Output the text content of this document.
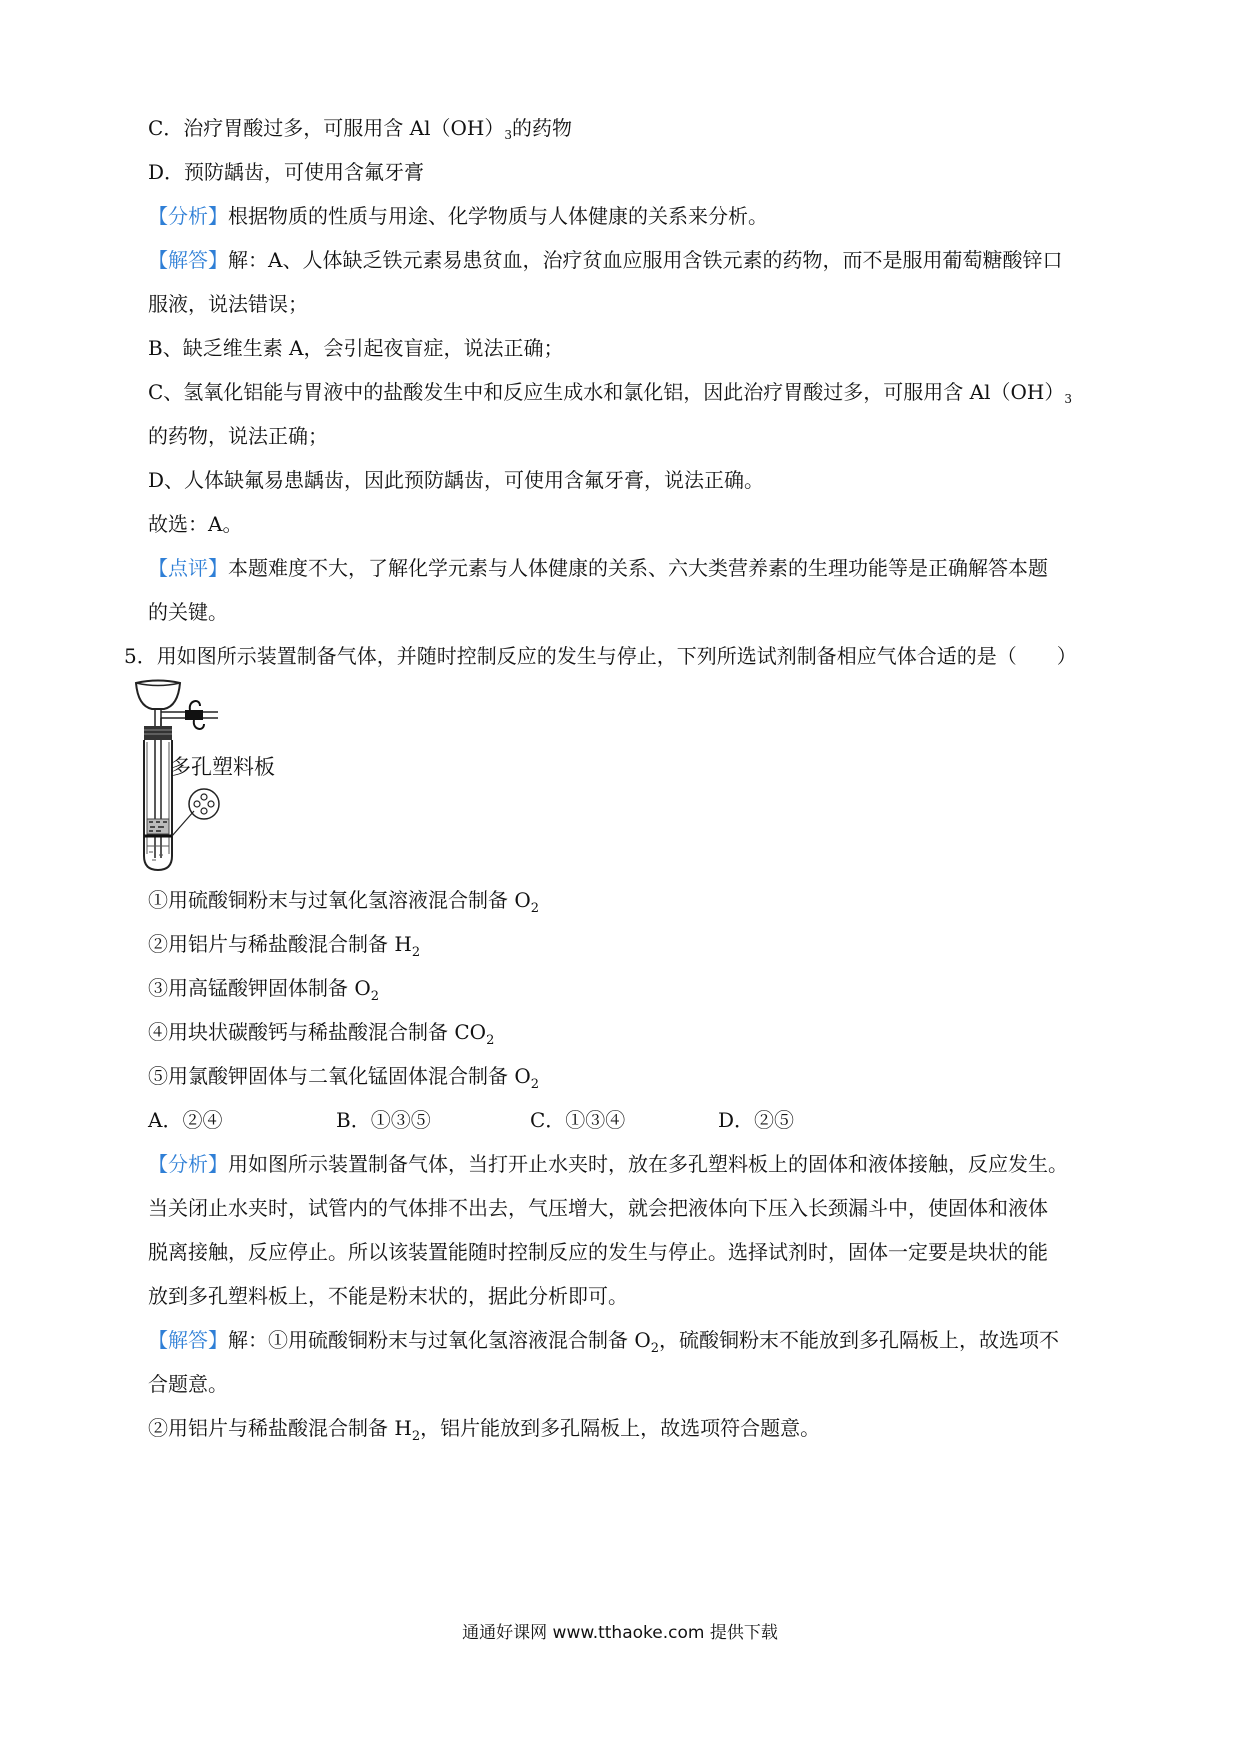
C．治疗胃酸过多，可服用含 $Al(OH)_3$的药物
D．预防龋齿，可使用含氟牙膏
【分析】根据物质的性质与用途、化学物质与人体健康的关系来分析。
【解答】解：A、人体缺乏铁元素易患贫血，治疗贫血应服用含铁元素的药物，而不是服用葡萄糖酸锌口
服液，说法错误；
B、缺乏维生素 A，会引起夜盲症，说法正确；
C、氢氧化铝能与胃液中的盐酸发生中和反应生成水和氯化铝，因此治疗胃酸过多，可服用含 $Al(OH)_3$
的药物，说法正确；
D、人体缺氟易患龋齿，因此预防龋齿，可使用含氟牙膏，说法正确。
故选：A。
【点评】本题难度不大，了解化学元素与人体健康的关系、六大类营养素的生理功能等是正确解答本题
的关键。
5．用如图所示装置制备气体，并随时控制反应的发生与停止，下列所选试剂制备相应气体合适的是（　　）
多孔塑料板
①用硫酸铜粉末与过氧化氢溶液混合制备 $O_2$
②用铝片与稀盐酸混合制备 $H_2$
③用高锰酸钾固体制备 $O_2$
④用块状碳酸钙与稀盐酸混合制备 $CO_2$
⑤用氯酸钾固体与二氧化锰固体混合制备 $O_2$
A．②④	B．①③⑤	C．①③④	D．②⑤
【分析】用如图所示装置制备气体，当打开止水夹时，放在多孔塑料板上的固体和液体接触，反应发生。
当关闭止水夹时，试管内的气体排不出去，气压增大，就会把液体向下压入长颈漏斗中，使固体和液体
脱离接触，反应停止。所以该装置能随时控制反应的发生与停止。选择试剂时，固体一定要是块状的能
放到多孔塑料板上，不能是粉末状的，据此分析即可。
【解答】解：①用硫酸铜粉末与过氧化氢溶液混合制备 $O_2$，硫酸铜粉末不能放到多孔隔板上，故选项不
合题意。
②用铝片与稀盐酸混合制备 $H_2$，铝片能放到多孔隔板上，故选项符合题意。
通通好课网 www.tthaoke.com 提供下载
